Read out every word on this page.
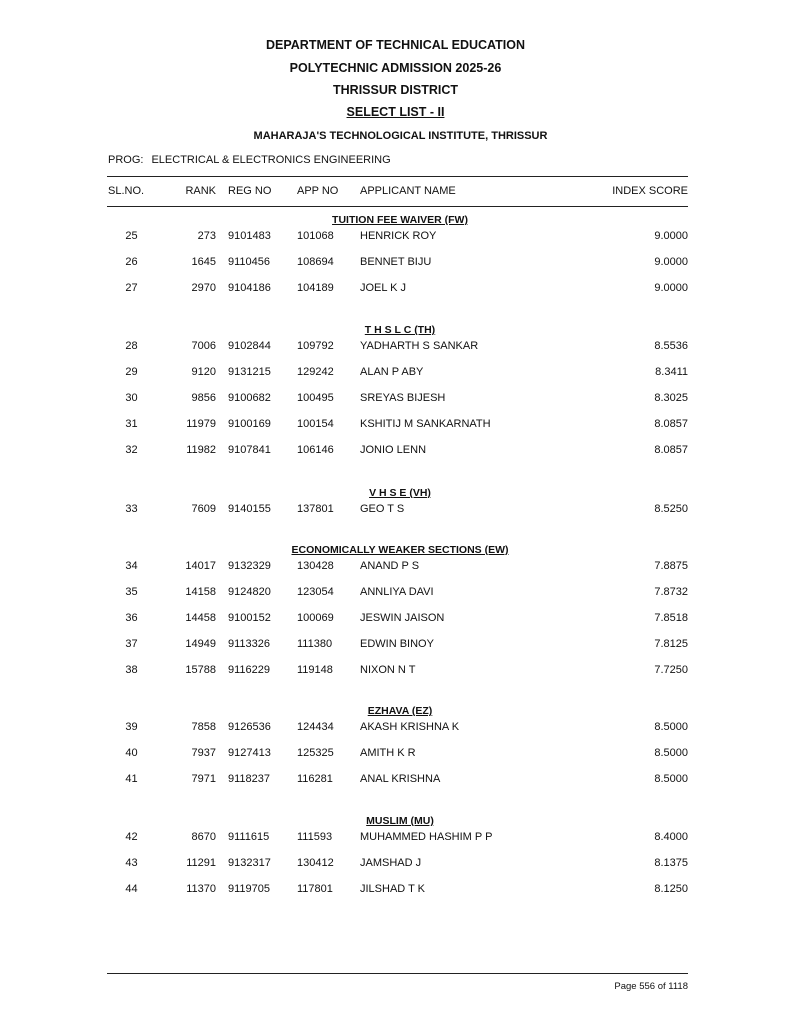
DEPARTMENT OF TECHNICAL EDUCATION
POLYTECHNIC ADMISSION 2025-26
THRISSUR DISTRICT
SELECT LIST - II
MAHARAJA'S TECHNOLOGICAL INSTITUTE, THRISSUR
PROG: ELECTRICAL & ELECTRONICS ENGINEERING
SL.NO.	RANK REG NO APP NO APPLICANT NAME	INDEX SCORE
TUITION FEE WAIVER (FW)
25	273 9101483 101068 HENRICK ROY	9.0000
26	1645 9110456 108694 BENNET BIJU	9.0000
27	2970 9104186 104189 JOEL K J	9.0000
T H S L C (TH)
28	7006 9102844 109792 YADHARTH S SANKAR	8.5536
29	9120 9131215 129242 ALAN P ABY	8.3411
30	9856 9100682 100495 SREYAS BIJESH	8.3025
31	11979 9100169 100154 KSHITIJ M SANKARNATH	8.0857
32	11982 9107841 106146 JONIO LENN	8.0857
V H S E (VH)
33	7609 9140155 137801 GEO T S	8.5250
ECONOMICALLY WEAKER SECTIONS (EW)
34	14017 9132329 130428 ANAND P S	7.8875
35	14158 9124820 123054 ANNLIYA DAVI	7.8732
36	14458 9100152 100069 JESWIN JAISON	7.8518
37	14949 9113326 111380	EDWIN BINOY	7.8125
38	15788 9116229 119148 NIXON N T	7.7250
EZHAVA (EZ)
39	7858 9126536 124434 AKASH KRISHNA K	8.5000
40	7937 9127413 125325 AMITH K R	8.5000
41	7971 9118237 116281 ANAL KRISHNA	8.5000
MUSLIM (MU)
42	8670 9111615	111593	MUHAMMED HASHIM P P	8.4000
43	11291 9132317 130412 JAMSHAD J	8.1375
44	11370 9119705 117801 JILSHAD T K	8.1250
Page 556 of 1118
